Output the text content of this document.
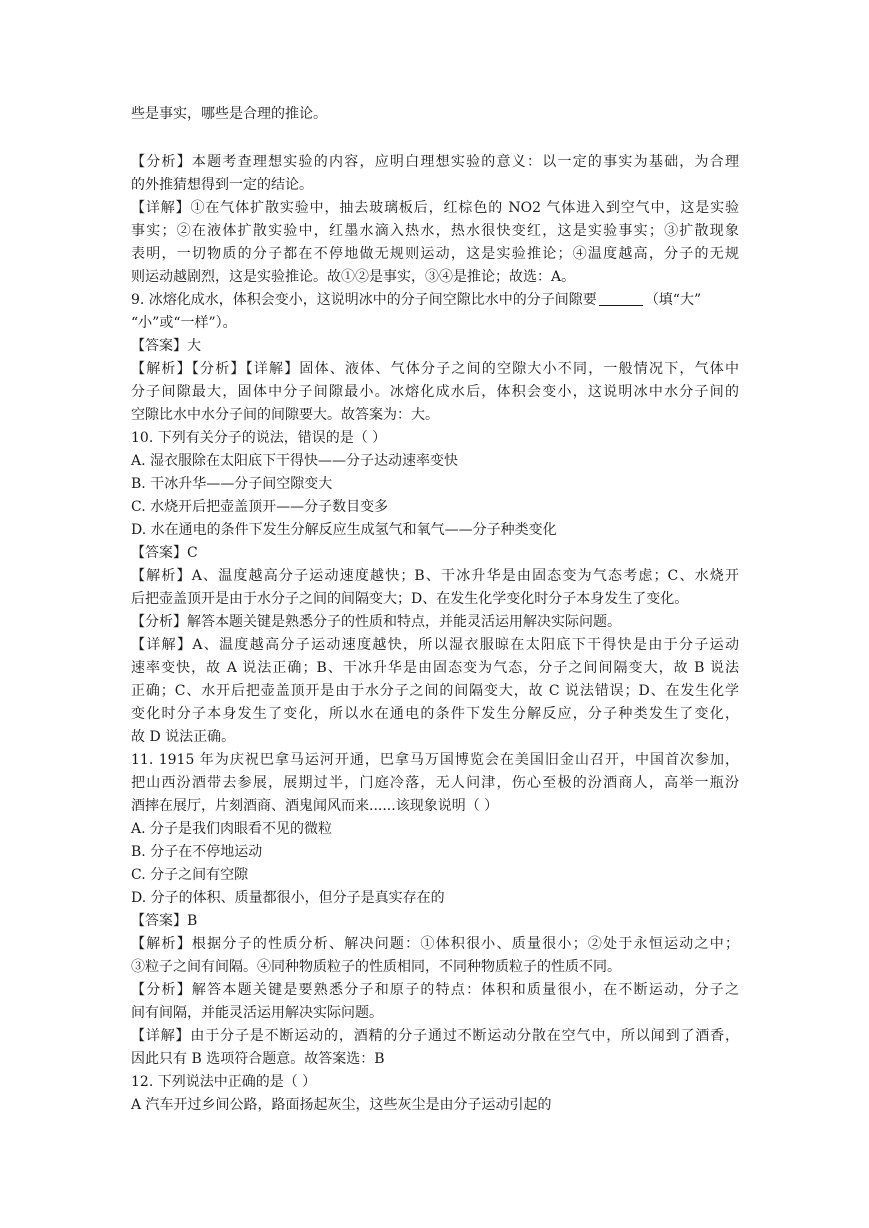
些是事实，哪些是合理的推论。
【分析】本题考查理想实验的内容，应明白理想实验的意义：以一定的事实为基础，为合理
的外推猜想得到一定的结论。
【详解】①在气体扩散实验中，抽去玻璃板后，红棕色的 NO2 气体进入到空气中，这是实验
事实；②在液体扩散实验中，红墨水滴入热水，热水很快变红，这是实验事实；③扩散现象
表明，一切物质的分子都在不停地做无规则运动，这是实验推论；④温度越高，分子的无规
则运动越剧烈，这是实验推论。故①②是事实，③④是推论；故选：A。
9. 冰熔化成水，体积会变小，这说明冰中的分子间空隙比水中的分子间隙要	（填“大”
“小”或“一样”）。
【答案】大
【解析】【分析】【详解】固体、液体、气体分子之间的空隙大小不同，一般情况下，气体中
分子间隙最大，固体中分子间隙最小。冰熔化成水后，体积会变小，这说明冰中水分子间的
空隙比水中水分子间的间隙要大。故答案为：大。
10. 下列有关分子的说法，错误的是（ ）
A. 湿衣服除在太阳底下干得快——分子达动速率变快
B. 干冰升华——分子间空隙变大
C. 水烧开后把壶盖顶开——分子数目变多
D. 水在通电的条件下发生分解反应生成氢气和氧气——分子种类变化
【答案】C
【解析】A、温度越高分子运动速度越快；B、干冰升华是由固态变为气态考虑；C、水烧开
后把壶盖顶开是由于水分子之间的间隔变大；D、在发生化学变化时分子本身发生了变化。
【分析】解答本题关键是熟悉分子的性质和特点，并能灵活运用解决实际问题。
【详解】A、温度越高分子运动速度越快，所以湿衣服晾在太阳底下干得快是由于分子运动
速率变快，故 A 说法正确；B、干冰升华是由固态变为气态，分子之间间隔变大，故 B 说法
正确；C、水开后把壶盖顶开是由于水分子之间的间隔变大，故 C 说法错误；D、在发生化学
变化时分子本身发生了变化，所以水在通电的条件下发生分解反应，分子种类发生了变化，
故 D 说法正确。
11. 1915 年为庆祝巴拿马运河开通，巴拿马万国博览会在美国旧金山召开，中国首次参加，
把山西汾酒带去参展，展期过半，门庭冷落，无人问津，伤心至极的汾酒商人，高举一瓶汾
酒摔在展厅，片刻酒商、酒鬼闻风而来......该现象说明（ ）
A. 分子是我们肉眼看不见的微粒
B. 分子在不停地运动
C. 分子之间有空隙
D. 分子的体积、质量都很小，但分子是真实存在的
【答案】B
【解析】根据分子的性质分析、解决问题：①体积很小、质量很小；②处于永恒运动之中；
③粒子之间有间隔。④同种物质粒子的性质相同，不同种物质粒子的性质不同。
【分析】解答本题关键是要熟悉分子和原子的特点：体积和质量很小，在不断运动，分子之
间有间隔，并能灵活运用解决实际问题。
【详解】由于分子是不断运动的，酒精的分子通过不断运动分散在空气中，所以闻到了酒香，
因此只有 B 选项符合题意。故答案选：B
12. 下列说法中正确的是（ ）
A 汽车开过乡间公路，路面扬起灰尘，这些灰尘是由分子运动引起的
